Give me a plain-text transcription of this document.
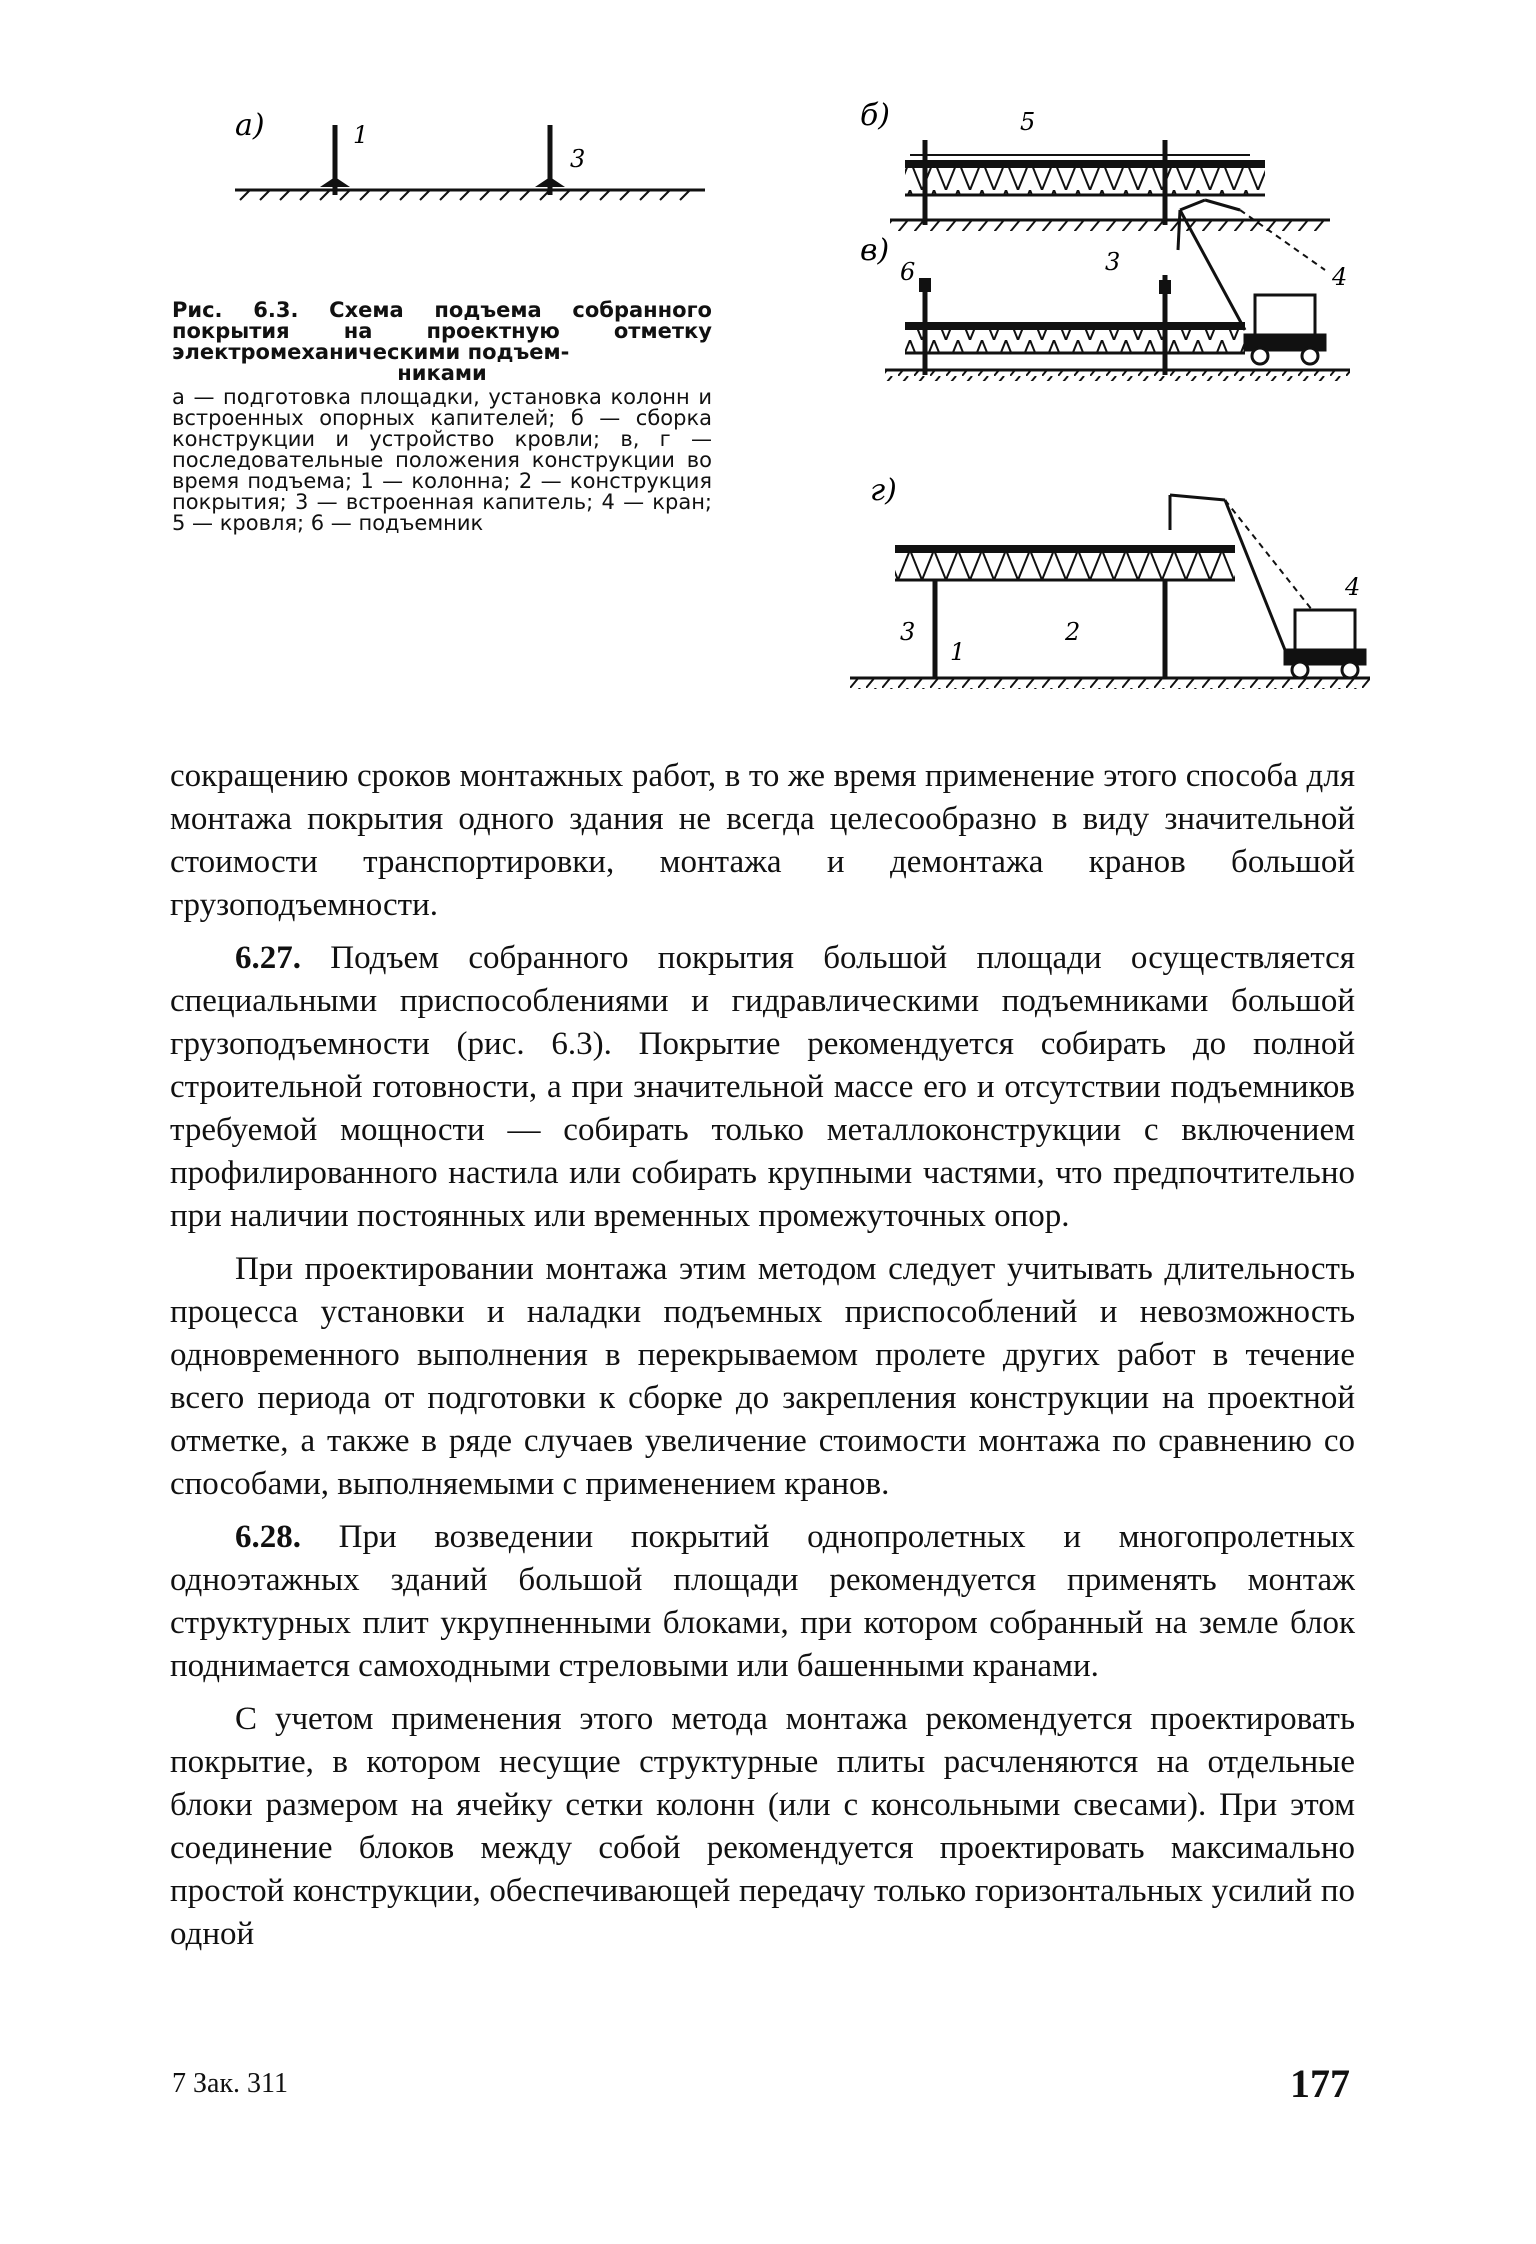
а)	1
3
б)	5
3
в)
6	4
г)
3
1
2
4
Рис. 6.3. Схема подъема собранного покрытия на проектную отметку электромеханическими подъем-
никами
а — подготовка площадки, установка колонн и встроенных опорных капителей; б — сборка конструкции и устройство кровли; в, г — последовательные положения конструкции во время подъема; 1 — колонна; 2 — конструкция покрытия; 3 — встроенная капитель; 4 — кран; 5 — кровля; 6 — подъемник

сокращению сроков монтажных работ, в то же время применение этого способа для монтажа покрытия одного здания не всегда целесообразно в виду значительной стоимости транспортировки, монтажа и демонтажа кранов большой грузоподъемности.

6.27. Подъем собранного покрытия большой площади осуществляется специальными приспособлениями и гидравлическими подъемниками большой грузоподъемности (рис. 6.3). Покрытие рекомендуется собирать до полной строительной готовности, а при значительной массе его и отсутствии подъемников требуемой мощности — собирать только металлоконструкции с включением профилированного настила или собирать крупными частями, что предпочтительно при наличии постоянных или временных промежуточных опор.

При проектировании монтажа этим методом следует учитывать длительность процесса установки и наладки подъемных приспособлений и невозможность одновременного выполнения в перекрываемом пролете других работ в течение всего периода от подготовки к сборке до закрепления конструкции на проектной отметке, а также в ряде случаев увеличение стоимости монтажа по сравнению со способами, выполняемыми с применением кранов.

6.28. При возведении покрытий однопролетных и многопролетных одноэтажных зданий большой площади рекомендуется применять монтаж структурных плит укрупненными блоками, при котором собранный на земле блок поднимается самоходными стреловыми или башенными кранами.

С учетом применения этого метода монтажа рекомендуется проектировать покрытие, в котором несущие структурные плиты расчленяются на отдельные блоки размером на ячейку сетки колонн (или с консольными свесами). При этом соединение блоков между собой рекомендуется проектировать максимально простой конструкции, обеспечивающей передачу только горизонтальных усилий по одной

7 Зак. 311	177
